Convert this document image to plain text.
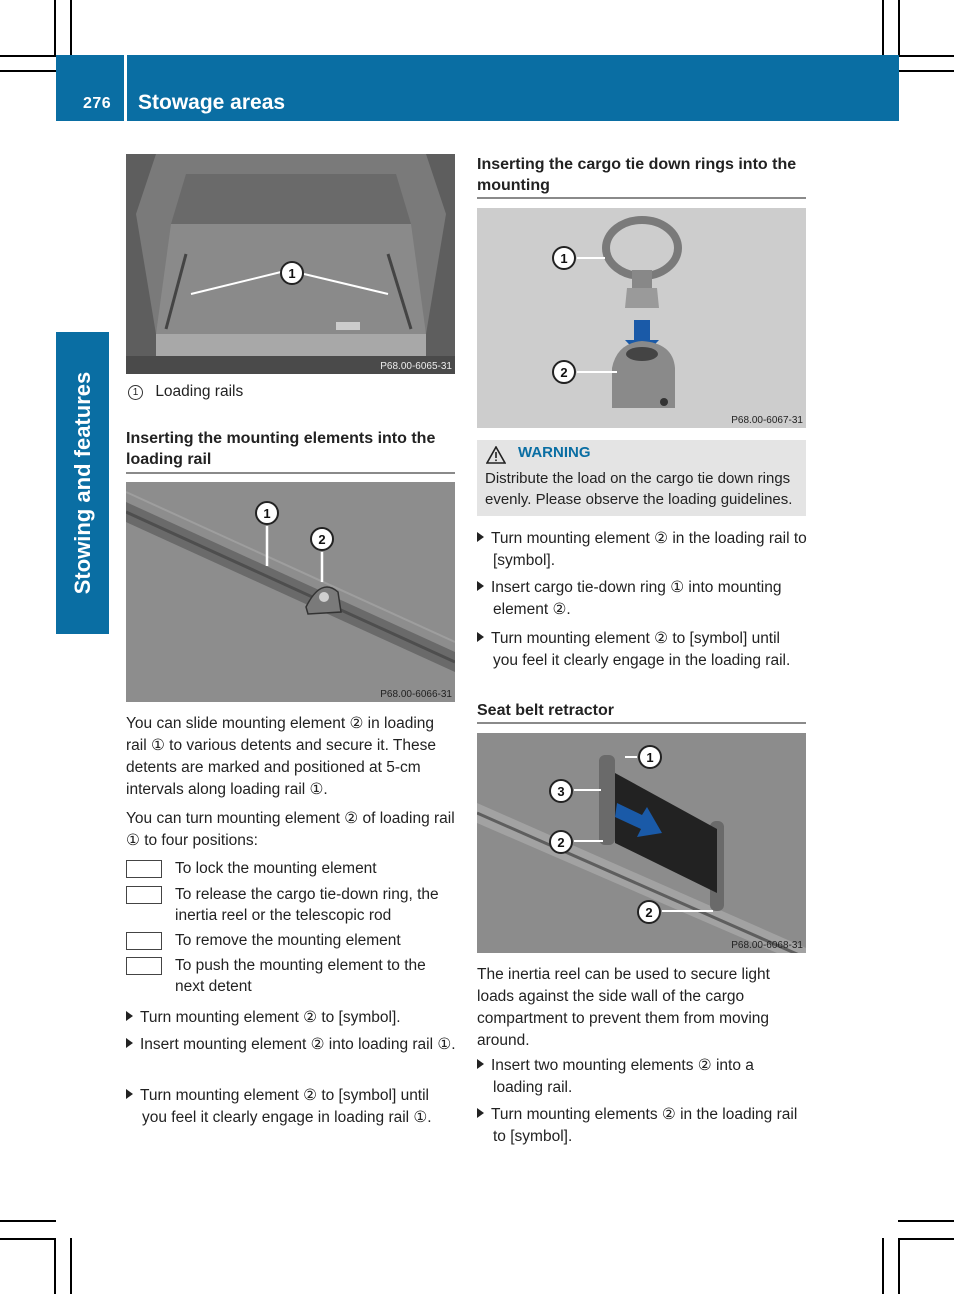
276 Stowage areas
Stowing and features
1
P68.00-6065-31
1 Loading rails
Inserting the mounting elements into the loading rail
1
2
P68.00-6066-31
You can slide mounting element ② in loading rail ① to various detents and secure it. These detents are marked and positioned at 5-cm intervals along loading rail ①.
You can turn mounting element ② of loading rail ① to four positions:
To lock the mounting element
To release the cargo tie-down ring, the inertia reel or the telescopic rod
To remove the mounting element
To push the mounting element to the next detent
Turn mounting element ② to [symbol].
Insert mounting element ② into loading rail ①.
Turn mounting element ② to [symbol] until you feel it clearly engage in loading rail ①.
Inserting the cargo tie down rings into the mounting
1
2
P68.00-6067-31
WARNING
Distribute the load on the cargo tie down rings evenly. Please observe the loading guidelines.
Turn mounting element ② in the loading rail to [symbol].
Insert cargo tie-down ring ① into mounting element ②.
Turn mounting element ② to [symbol] until you feel it clearly engage in the loading rail.
Seat belt retractor
1
3
2
2
P68.00-6068-31
The inertia reel can be used to secure light loads against the side wall of the cargo compartment to prevent them from moving around.
Insert two mounting elements ② into a loading rail.
Turn mounting elements ② in the loading rail to [symbol].
